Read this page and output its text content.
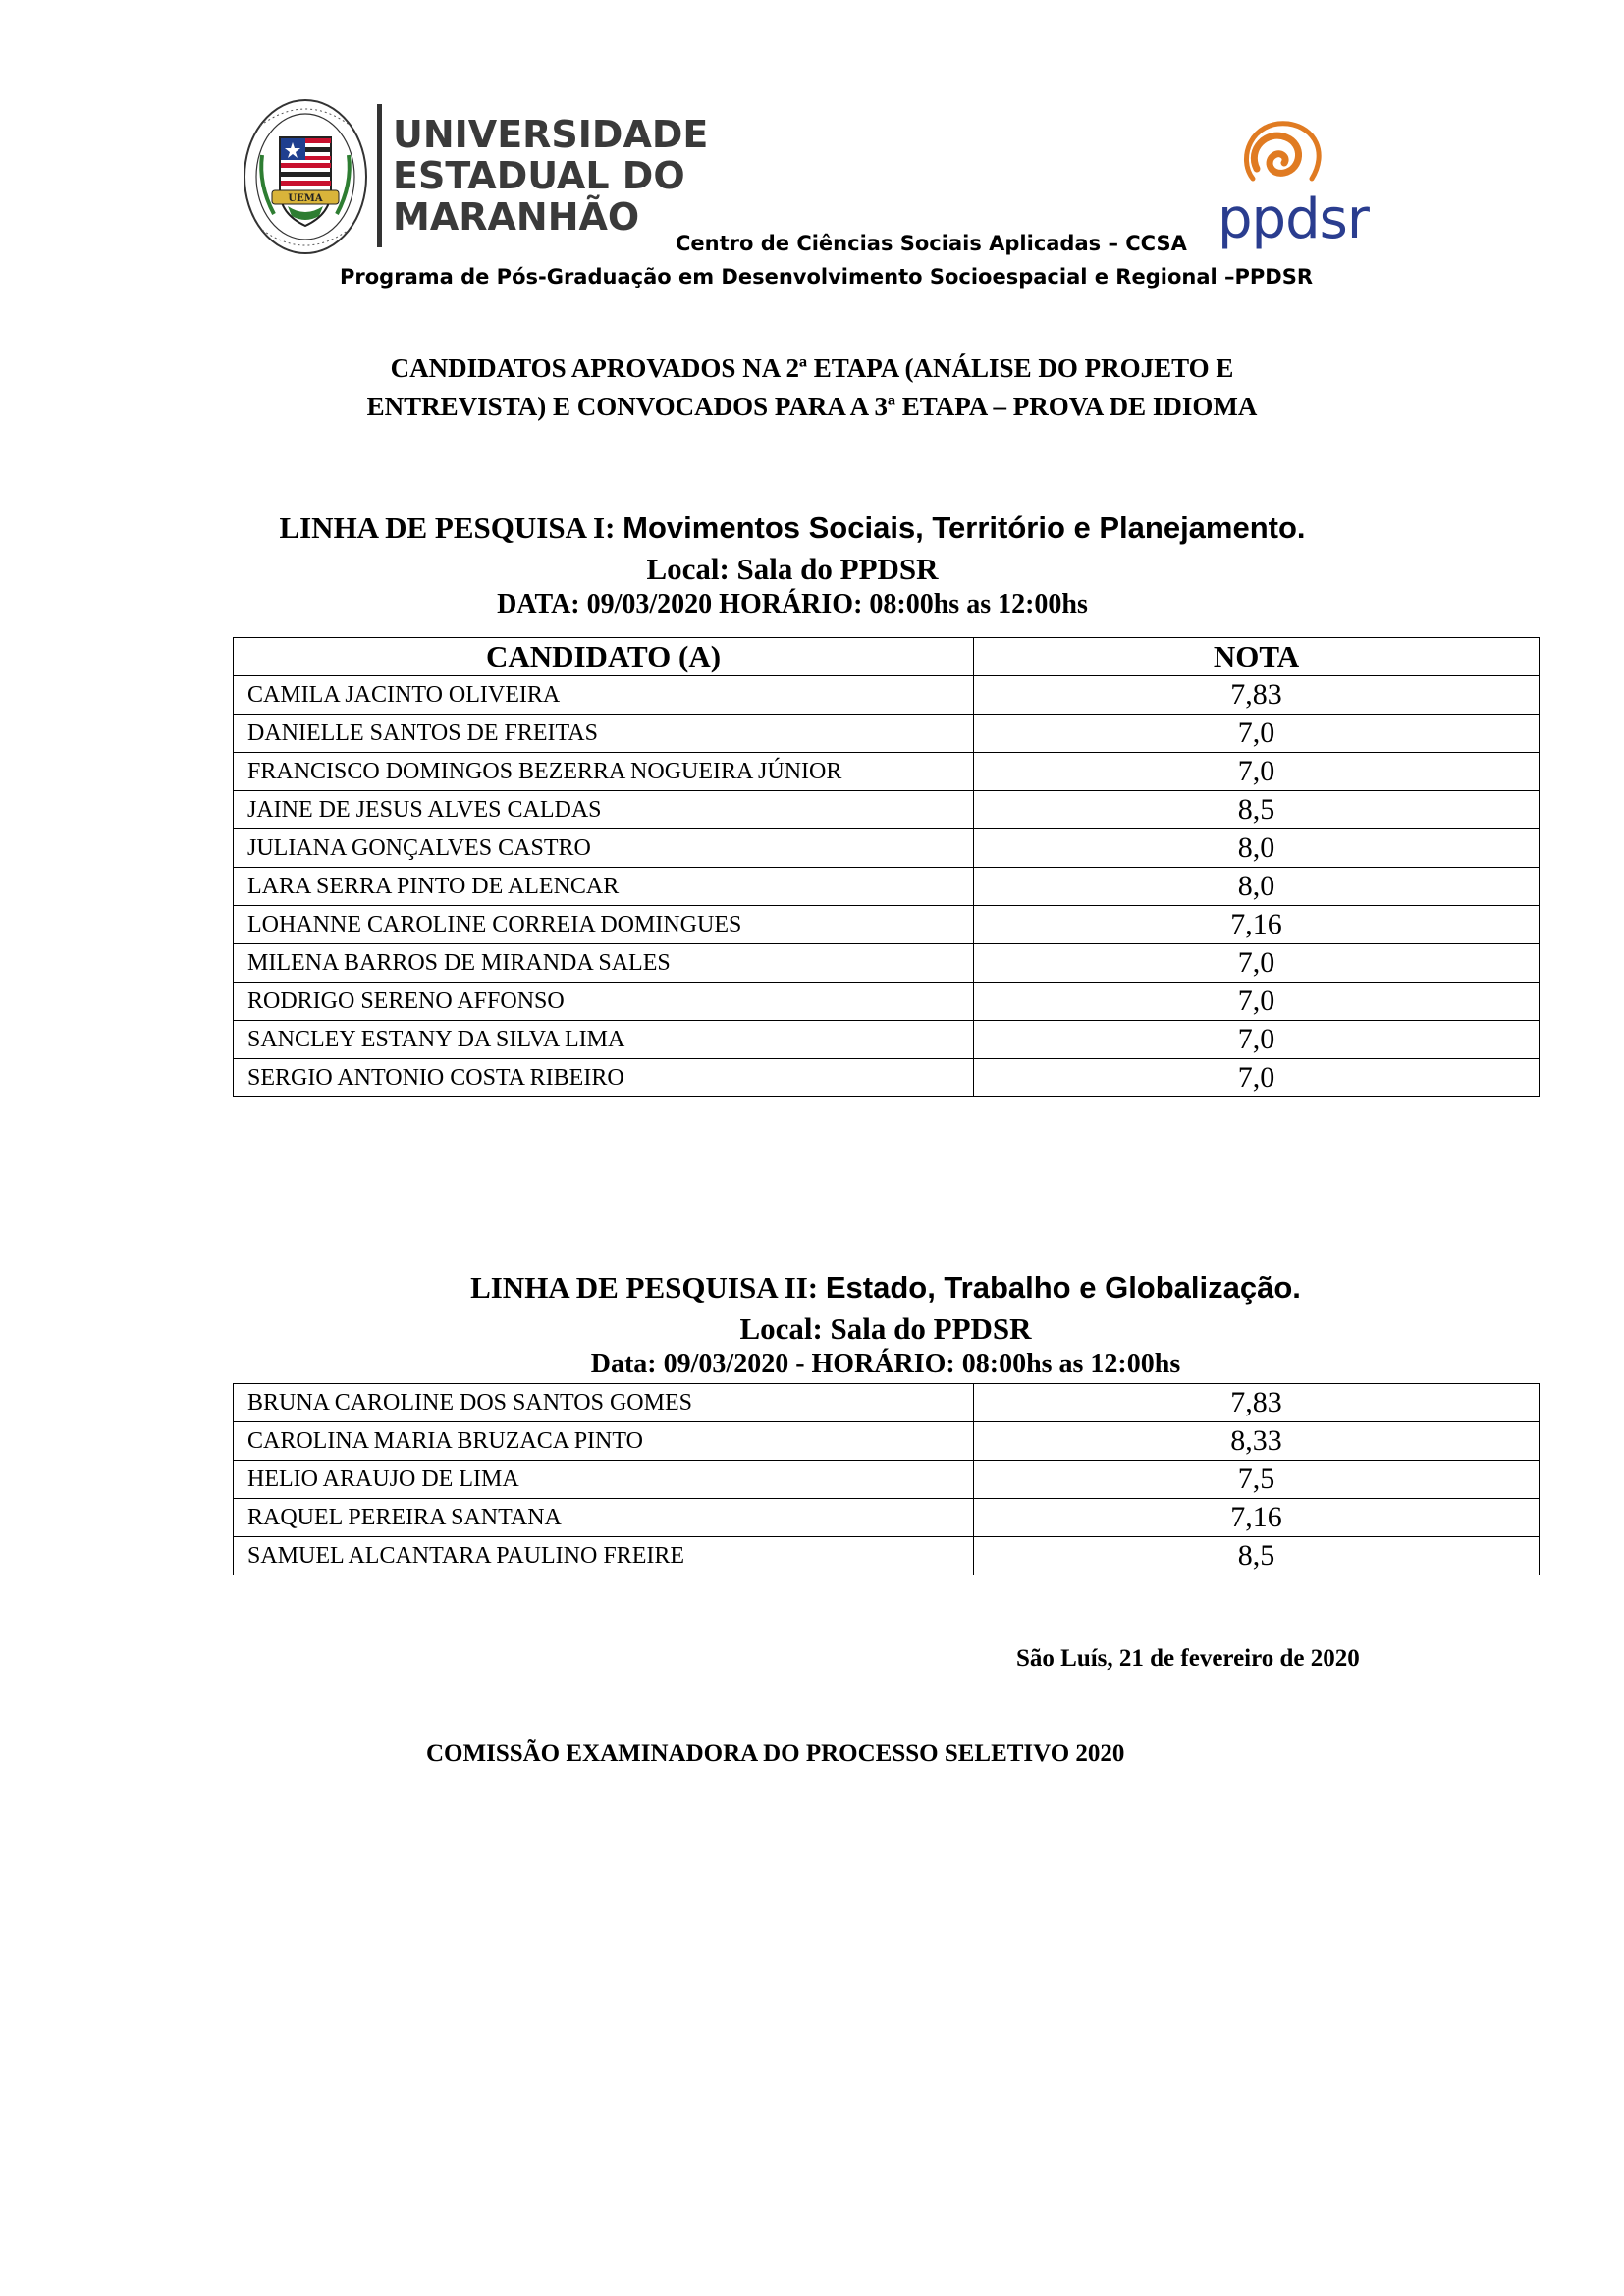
UEMA
UNIVERSIDADE
ESTADUAL DO
MARANHÃO	ppdsr
Centro de Ciências Sociais Aplicadas – CCSA
Programa de Pós-Graduação em Desenvolvimento Socioespacial e Regional –PPDSR
CANDIDATOS APROVADOS NA 2ª ETAPA (ANÁLISE DO PROJETO E
ENTREVISTA) E CONVOCADOS PARA A 3ª ETAPA – PROVA DE IDIOMA
LINHA DE PESQUISA I: Movimentos Sociais, Território e Planejamento.
Local: Sala do PPDSR
DATA: 09/03/2020 HORÁRIO: 08:00hs as 12:00hs
CANDIDATO (A)	NOTA
CAMILA JACINTO OLIVEIRA	7,83
DANIELLE SANTOS DE FREITAS	7,0
FRANCISCO DOMINGOS BEZERRA NOGUEIRA JÚNIOR	7,0
JAINE DE JESUS ALVES CALDAS	8,5
JULIANA GONÇALVES CASTRO	8,0
LARA SERRA PINTO DE ALENCAR	8,0
LOHANNE CAROLINE CORREIA DOMINGUES	7,16
MILENA BARROS DE MIRANDA SALES	7,0
RODRIGO SERENO AFFONSO	7,0
SANCLEY ESTANY DA SILVA LIMA	7,0
SERGIO ANTONIO COSTA RIBEIRO	7,0
LINHA DE PESQUISA II: Estado, Trabalho e Globalização.
Local: Sala do PPDSR
Data: 09/03/2020 - HORÁRIO: 08:00hs as 12:00hs
BRUNA CAROLINE DOS SANTOS GOMES	7,83
CAROLINA MARIA BRUZACA PINTO	8,33
HELIO ARAUJO DE LIMA	7,5
RAQUEL PEREIRA SANTANA	7,16
SAMUEL ALCANTARA PAULINO FREIRE	8,5
São Luís, 21 de fevereiro de 2020
COMISSÃO EXAMINADORA DO PROCESSO SELETIVO 2020
